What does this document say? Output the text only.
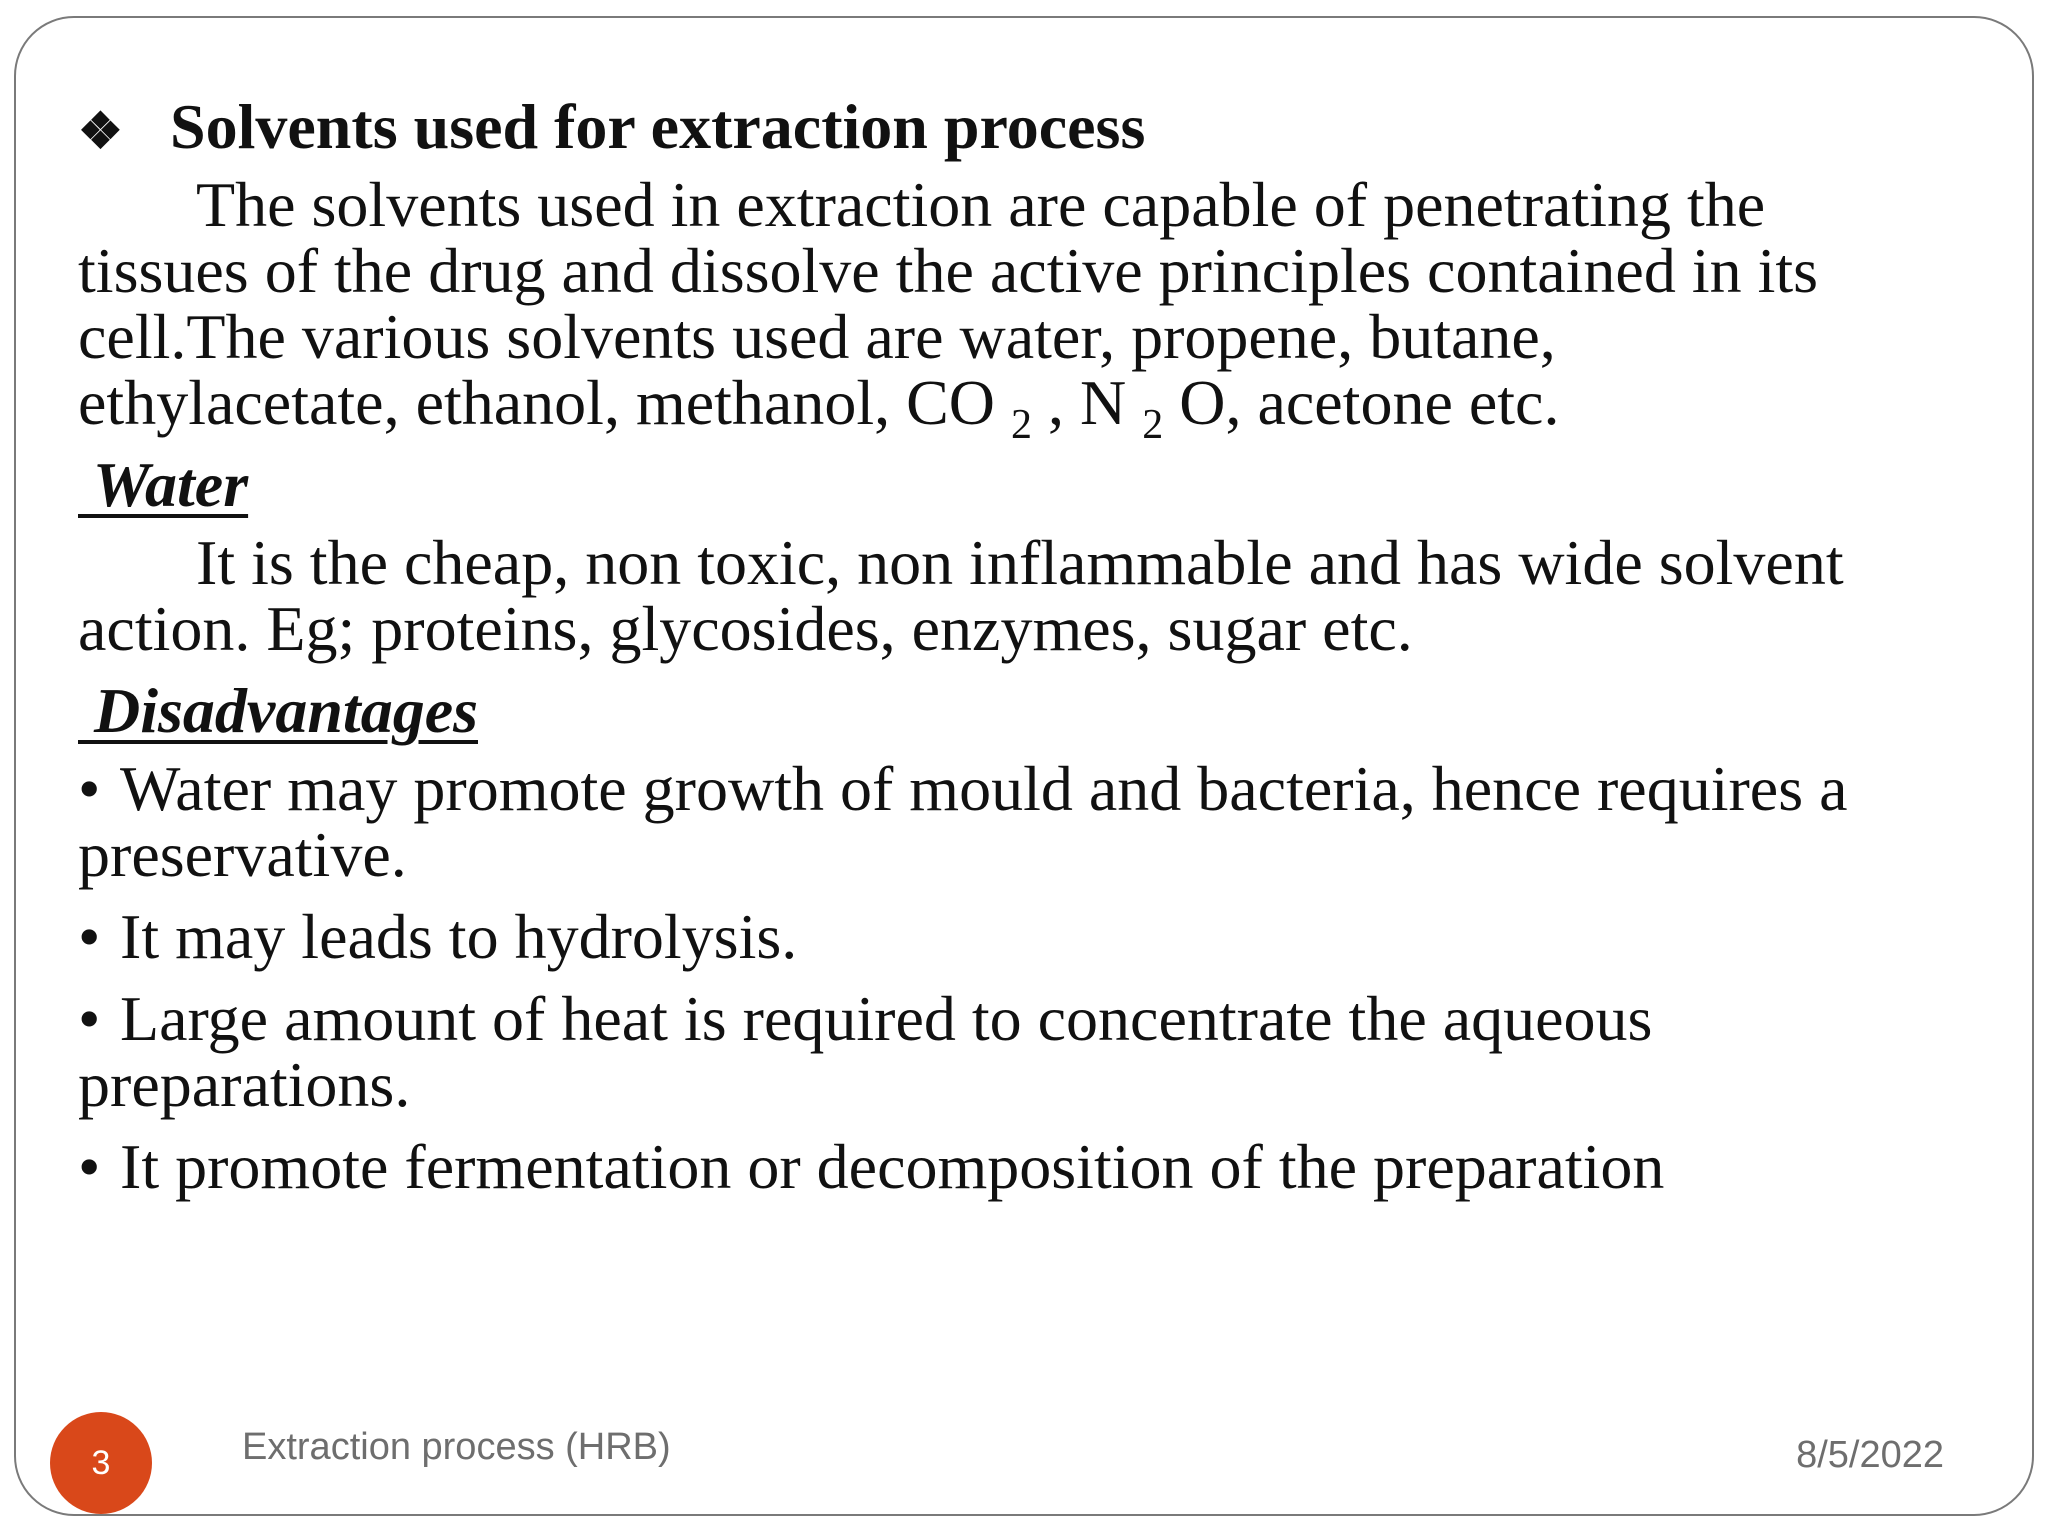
❖ Solvents used for extraction process

The solvents used in extraction are capable of penetrating the
tissues of the drug and dissolve the active principles contained in its
cell.The various solvents used are water, propene, butane,
ethylacetate, ethanol, methanol, CO $_2$ , N $_2$ O, acetone etc.

Water

It is the cheap, non toxic, non inflammable and has wide solvent
action. Eg; proteins, glycosides, enzymes, sugar etc.

Disadvantages
• Water may promote growth of mould and bacteria, hence requires a
preservative.
• It may leads to hydrolysis.
• Large amount of heat is required to concentrate the aqueous
preparations.
• It promote fermentation or decomposition of the preparation
3	Extraction process (HRB)	8/5/2022
